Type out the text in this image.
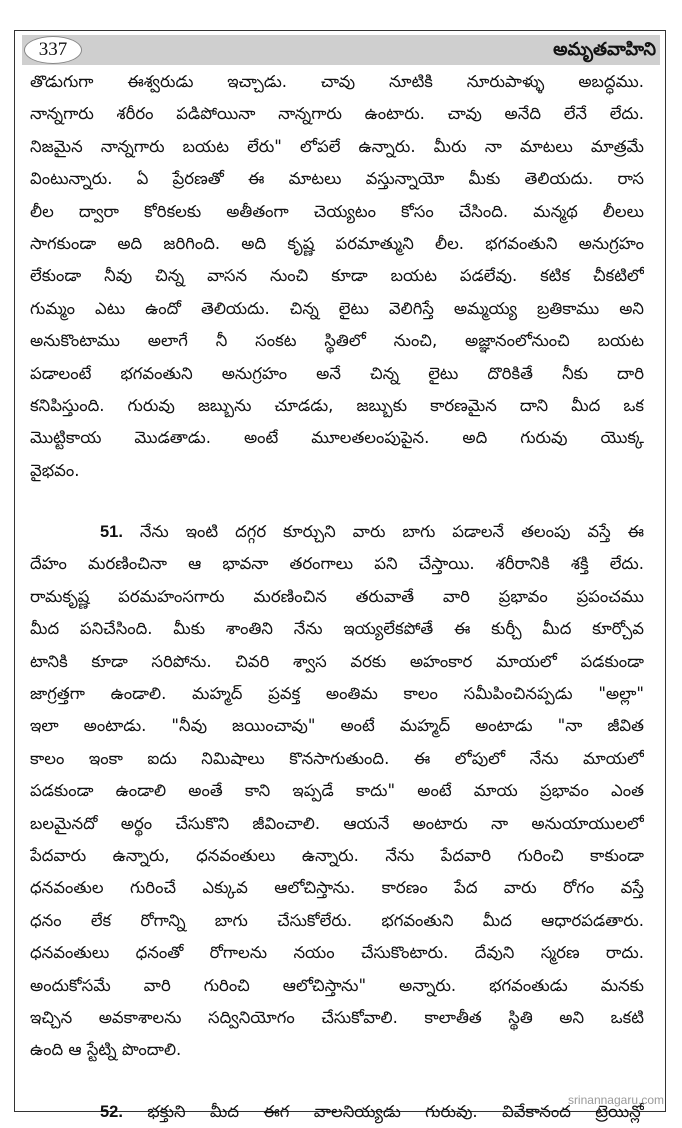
337	అమృతవాహిని
తొడుగుగా ఈశ్వరుడు ఇచ్చాడు. చావు నూటికి నూరుపాళ్ళు అబద్ధము.
నాన్నగారు శరీరం పడిపోయినా నాన్నగారు ఉంటారు. చావు అనేది లేనే లేదు.
నిజమైన నాన్నగారు బయట లేరు" లోపలే ఉన్నారు. మీరు నా మాటలు మాత్రమే
వింటున్నారు. ఏ ప్రేరణతో ఈ మాటలు వస్తున్నాయో మీకు తెలియదు. రాస
లీల ద్వారా కోరికలకు అతీతంగా చెయ్యటం కోసం చేసింది. మన్మథ లీలలు
సాగకుండా అది జరిగింది. అది కృష్ణ పరమాత్ముని లీల. భగవంతుని అనుగ్రహం
లేకుండా నీవు చిన్న వాసన నుంచి కూడా బయట పడలేవు. కటిక చీకటిలో
గుమ్మం ఎటు ఉందో తెలియదు. చిన్న లైటు వెలిగిస్తే అమ్మయ్య బ్రతికాము అని
అనుకొంటాము అలాగే నీ సంకట స్థితిలో నుంచి, అజ్ఞానంలోనుంచి బయట
పడాలంటే భగవంతుని అనుగ్రహం అనే చిన్న లైటు దొరికితే నీకు దారి
కనిపిస్తుంది. గురువు జబ్బును చూడడు, జబ్బుకు కారణమైన దాని మీద ఒక
మొట్టికాయ మొడతాడు. అంటే మూలతలంపుపైన. అది గురువు యొక్క
వైభవం.
51. నేను ఇంటి దగ్గర కూర్చుని వారు బాగు పడాలనే తలంపు వస్తే ఈ
దేహం మరణించినా ఆ భావనా తరంగాలు పని చేస్తాయి. శరీరానికి శక్తి లేదు.
రామకృష్ణ పరమహంసగారు మరణించిన తరువాతే వారి ప్రభావం ప్రపంచము
మీద పనిచేసింది. మీకు శాంతిని నేను ఇయ్యలేకపోతే ఈ కుర్చీ మీద కూర్చోవ
టానికి కూడా సరిపోను. చివరి శ్వాస వరకు అహంకార మాయలో పడకుండా
జాగ్రత్తగా ఉండాలి. మహ్మద్ ప్రవక్త అంతిమ కాలం సమీపించినప్పడు "అల్లా"
ఇలా అంటాడు. "నీవు జయించావు" అంటే మహ్మద్ అంటాడు "నా జీవిత
కాలం ఇంకా ఐదు నిమిషాలు కొనసాగుతుంది. ఈ లోపులో నేను మాయలో
పడకుండా ఉండాలి అంతే కాని ఇప్పడే కాదు" అంటే మాయ ప్రభావం ఎంత
బలమైనదో అర్థం చేసుకొని జీవించాలి. ఆయనే అంటారు నా అనుయాయులలో
పేదవారు ఉన్నారు, ధనవంతులు ఉన్నారు. నేను పేదవారి గురించి కాకుండా
ధనవంతుల గురించే ఎక్కువ ఆలోచిస్తాను. కారణం పేద వారు రోగం వస్తే
ధనం లేక రోగాన్ని బాగు చేసుకోలేరు. భగవంతుని మీద ఆధారపడతారు.
ధనవంతులు ధనంతో రోగాలను నయం చేసుకొంటారు. దేవుని స్మరణ రాదు.
అందుకోసమే వారి గురించి ఆలోచిస్తాను" అన్నారు. భగవంతుడు మనకు
ఇచ్చిన అవకాశాలను సద్వినియోగం చేసుకోవాలి. కాలాతీత స్థితి అని ఒకటి
ఉంది ఆ స్టేట్ని పొందాలి.
52. భక్తుని మీద ఈగ వాలనియ్యడు గురువు. వివేకానంద ట్రెయిన్లో
srinannagaru.com
